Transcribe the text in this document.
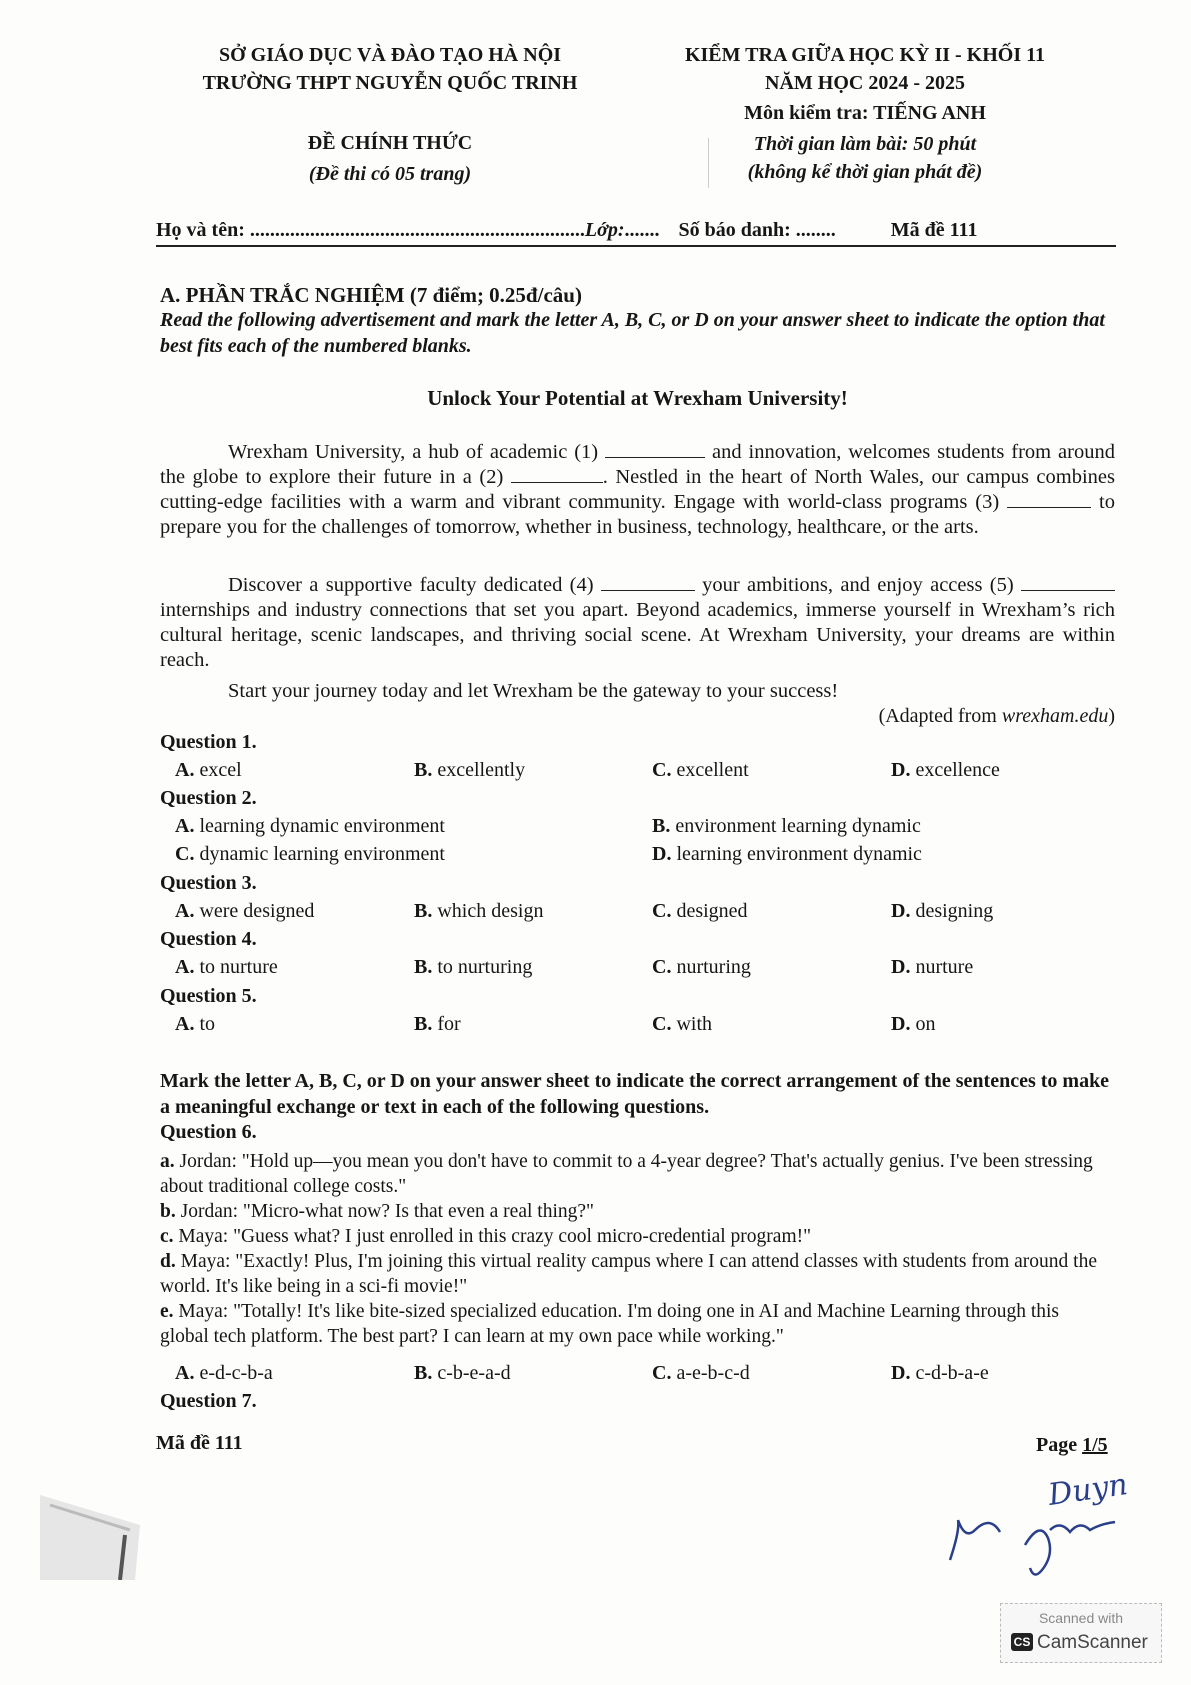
SỞ GIÁO DỤC VÀ ĐÀO TẠO HÀ NỘI
TRƯỜNG THPT NGUYỄN QUỐC TRINH
ĐỀ CHÍNH THỨC
(Đề thi có 05 trang)
KIỂM TRA GIỮA HỌC KỲ II - KHỐI 11
NĂM HỌC 2024 - 2025
Môn kiểm tra: TIẾNG ANH
Thời gian làm bài: 50 phút
(không kể thời gian phát đề)
Họ và tên: ...................................................................Lớp:....... Số báo danh: ........	Mã đề 111
A. PHẦN TRẮC NGHIỆM (7 điểm; 0.25đ/câu)
Read the following advertisement and mark the letter A, B, C, or D on your answer sheet to indicate the option that best fits each of the numbered blanks.
Unlock Your Potential at Wrexham University!
Wrexham University, a hub of academic (1)	and innovation, welcomes students from around the globe to explore their future in a (2)	. Nestled in the heart of North Wales, our campus combines cutting-edge facilities with a warm and vibrant community. Engage with world-class programs (3)	to prepare you for the challenges of tomorrow, whether in business, technology, healthcare, or the arts.
Discover a supportive faculty dedicated (4)	your ambitions, and enjoy access (5)  internships and industry connections that set you apart. Beyond academics, immerse yourself in Wrexham’s rich cultural heritage, scenic landscapes, and thriving social scene. At Wrexham University, your dreams are within reach.
Start your journey today and let Wrexham be the gateway to your success!
(Adapted from wrexham.edu)
Question 1.
A. excel	B. excellently	C. excellent	D. excellence
Question 2.
A. learning dynamic environment	B. environment learning dynamic
C. dynamic learning environment	D. learning environment dynamic
Question 3.
A. were designed	B. which design	C. designed	D. designing
Question 4.
A. to nurture	B. to nurturing	C. nurturing	D. nurture
Question 5.
A. to	B. for	C. with	D. on
Mark the letter A, B, C, or D on your answer sheet to indicate the correct arrangement of the sentences to make a meaningful exchange or text in each of the following questions.
Question 6.
a. Jordan: "Hold up—you mean you don't have to commit to a 4-year degree? That's actually genius. I've been stressing about traditional college costs."
b. Jordan: "Micro-what now? Is that even a real thing?"
c. Maya: "Guess what? I just enrolled in this crazy cool micro-credential program!"
d. Maya: "Exactly! Plus, I'm joining this virtual reality campus where I can attend classes with students from around the world. It's like being in a sci-fi movie!"
e. Maya: "Totally! It's like bite-sized specialized education. I'm doing one in AI and Machine Learning through this global tech platform. The best part? I can learn at my own pace while working."
A. e-d-c-b-a	B. c-b-e-a-d	C. a-e-b-c-d	D. c-d-b-a-e
Question 7.
Mã đề 111	Page 1/5
Duyn
Scanned with
CS CamScanner
